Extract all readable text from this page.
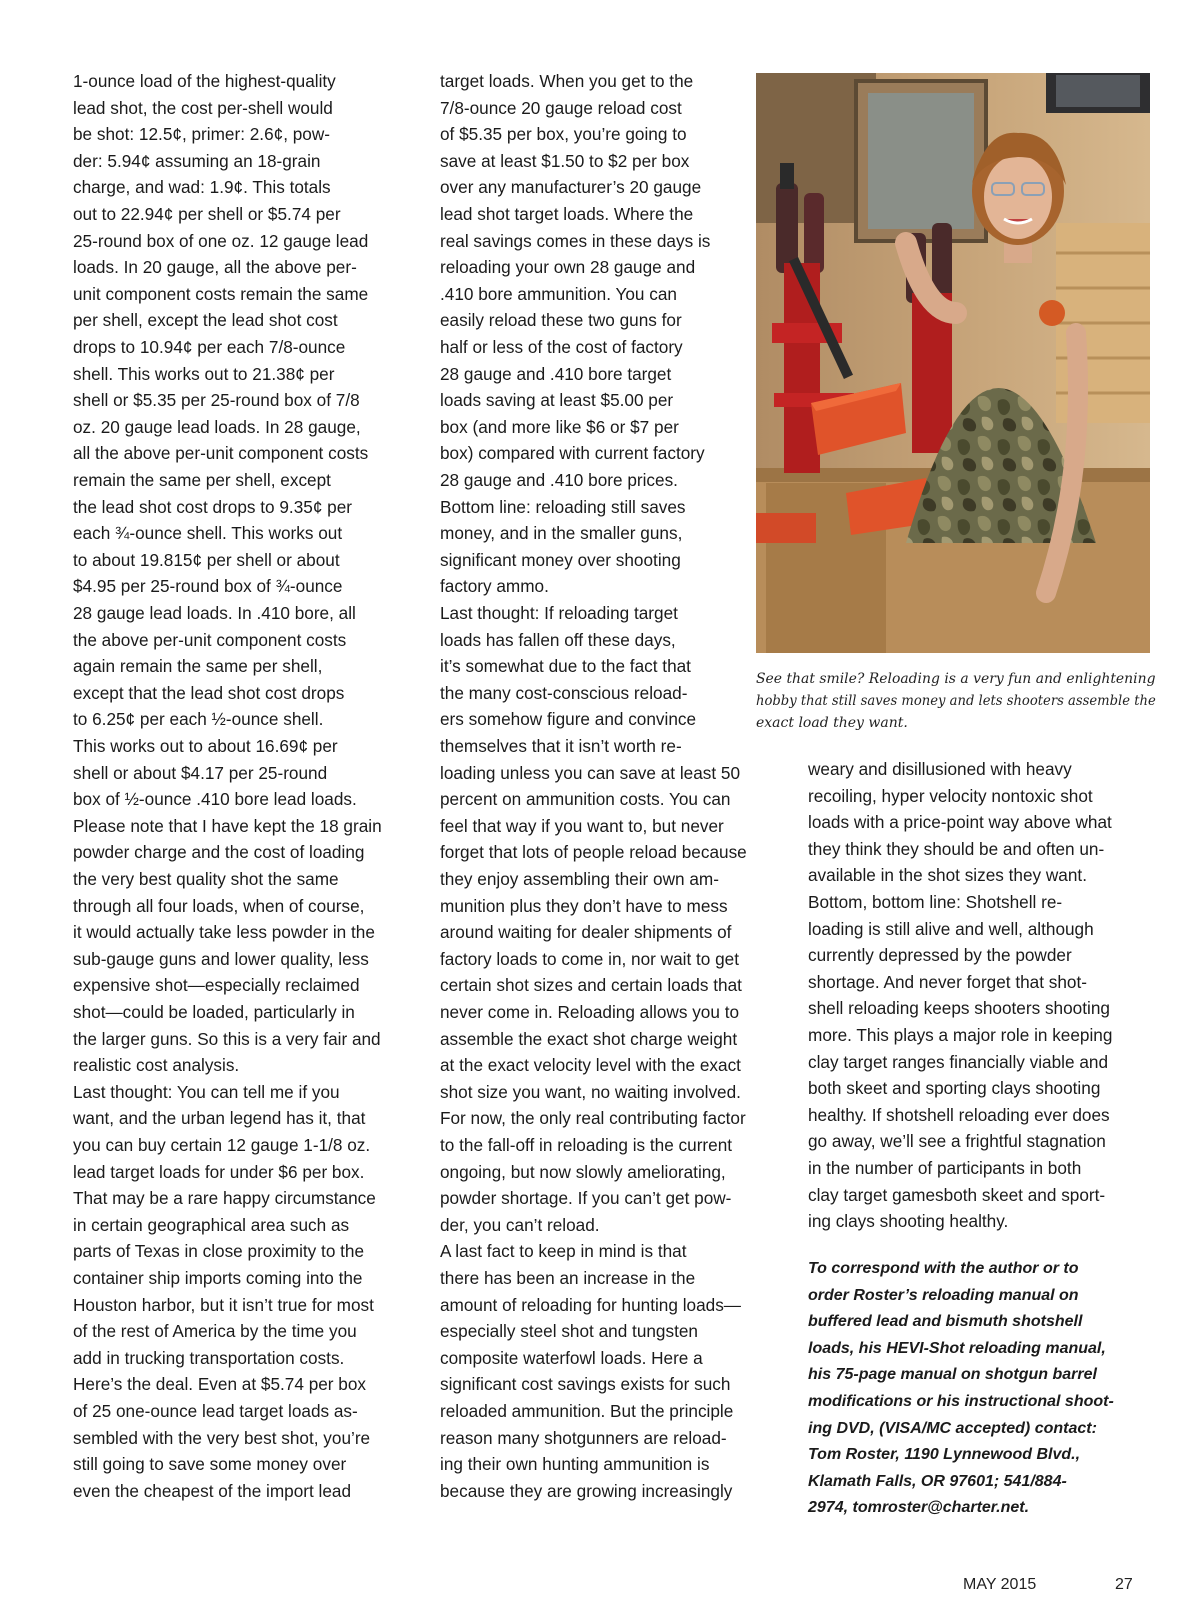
1-ounce load of the highest-quality
lead shot, the cost per-shell would
be shot: 12.5¢, primer: 2.6¢, pow-
der: 5.94¢ assuming an 18-grain
charge, and wad: 1.9¢. This totals
out to 22.94¢ per shell or $5.74 per
25-round box of one oz. 12 gauge lead
loads. In 20 gauge, all the above per-
unit component costs remain the same
per shell, except the lead shot cost
drops to 10.94¢ per each 7/8-ounce
shell. This works out to 21.38¢ per
shell or $5.35 per 25-round box of 7/8
oz. 20 gauge lead loads. In 28 gauge,
all the above per-unit component costs
remain the same per shell, except
the lead shot cost drops to 9.35¢ per
each ¾-ounce shell. This works out
to about 19.815¢ per shell or about
$4.95 per 25-round box of ¾-ounce
28 gauge lead loads. In .410 bore, all
the above per-unit component costs
again remain the same per shell,
except that the lead shot cost drops
to 6.25¢ per each ½-ounce shell.
This works out to about 16.69¢ per
shell or about $4.17 per 25-round
box of ½-ounce .410 bore lead loads.
Please note that I have kept the 18 grain
powder charge and the cost of loading
the very best quality shot the same
through all four loads, when of course,
it would actually take less powder in the
sub-gauge guns and lower quality, less
expensive shot—especially reclaimed
shot—could be loaded, particularly in
the larger guns. So this is a very fair and
realistic cost analysis.
Last thought: You can tell me if you
want, and the urban legend has it, that
you can buy certain 12 gauge 1-1/8 oz.
lead target loads for under $6 per box.
That may be a rare happy circumstance
in certain geographical area such as
parts of Texas in close proximity to the
container ship imports coming into the
Houston harbor, but it isn’t true for most
of the rest of America by the time you
add in trucking transportation costs.
Here’s the deal. Even at $5.74 per box
of 25 one-ounce lead target loads as-
sembled with the very best shot, you’re
still going to save some money over
even the cheapest of the import lead
target loads. When you get to the
7/8-ounce 20 gauge reload cost
of $5.35 per box, you’re going to
save at least $1.50 to $2 per box
over any manufacturer’s 20 gauge
lead shot target loads. Where the
real savings comes in these days is
reloading your own 28 gauge and
.410 bore ammunition. You can
easily reload these two guns for
half or less of the cost of factory
28 gauge and .410 bore target
loads saving at least $5.00 per
box (and more like $6 or $7 per
box) compared with current factory
28 gauge and .410 bore prices.
Bottom line: reloading still saves
money, and in the smaller guns,
significant money over shooting
factory ammo.
Last thought: If reloading target
loads has fallen off these days,
it’s somewhat due to the fact that
the many cost-conscious reload-
ers somehow figure and convince
themselves that it isn’t worth re-
loading unless you can save at least 50
percent on ammunition costs. You can
feel that way if you want to, but never
forget that lots of people reload because
they enjoy assembling their own am-
munition plus they don’t have to mess
around waiting for dealer shipments of
factory loads to come in, nor wait to get
certain shot sizes and certain loads that
never come in. Reloading allows you to
assemble the exact shot charge weight
at the exact velocity level with the exact
shot size you want, no waiting involved.
For now, the only real contributing factor
to the fall-off in reloading is the current
ongoing, but now slowly ameliorating,
powder shortage. If you can’t get pow-
der, you can’t reload.
A last fact to keep in mind is that
there has been an increase in the
amount of reloading for hunting loads—
especially steel shot and tungsten
composite waterfowl loads. Here a
significant cost savings exists for such
reloaded ammunition. But the principle
reason many shotgunners are reload-
ing their own hunting ammunition is
because they are growing increasingly
See that smile? Reloading is a very fun and enlightening
hobby that still saves money and lets shooters assemble the
exact load they want.
weary and disillusioned with heavy
recoiling, hyper velocity nontoxic shot
loads with a price-point way above what
they think they should be and often un-
available in the shot sizes they want.
Bottom, bottom line: Shotshell re-
loading is still alive and well, although
currently depressed by the powder
shortage. And never forget that shot-
shell reloading keeps shooters shooting
more. This plays a major role in keeping
clay target ranges financially viable and
both skeet and sporting clays shooting
healthy. If shotshell reloading ever does
go away, we’ll see a frightful stagnation
in the number of participants in both
clay target gamesboth skeet and sport-
ing clays shooting healthy.
To correspond with the author or to
order Roster’s reloading manual on
buffered lead and bismuth shotshell
loads, his HEVI-Shot reloading manual,
his 75-page manual on shotgun barrel
modifications or his instructional shoot-
ing DVD, (VISA/MC accepted) contact:
Tom Roster, 1190 Lynnewood Blvd.,
Klamath Falls, OR 97601; 541/884-
2974, tomroster@charter.net.
MAY 2015	27
